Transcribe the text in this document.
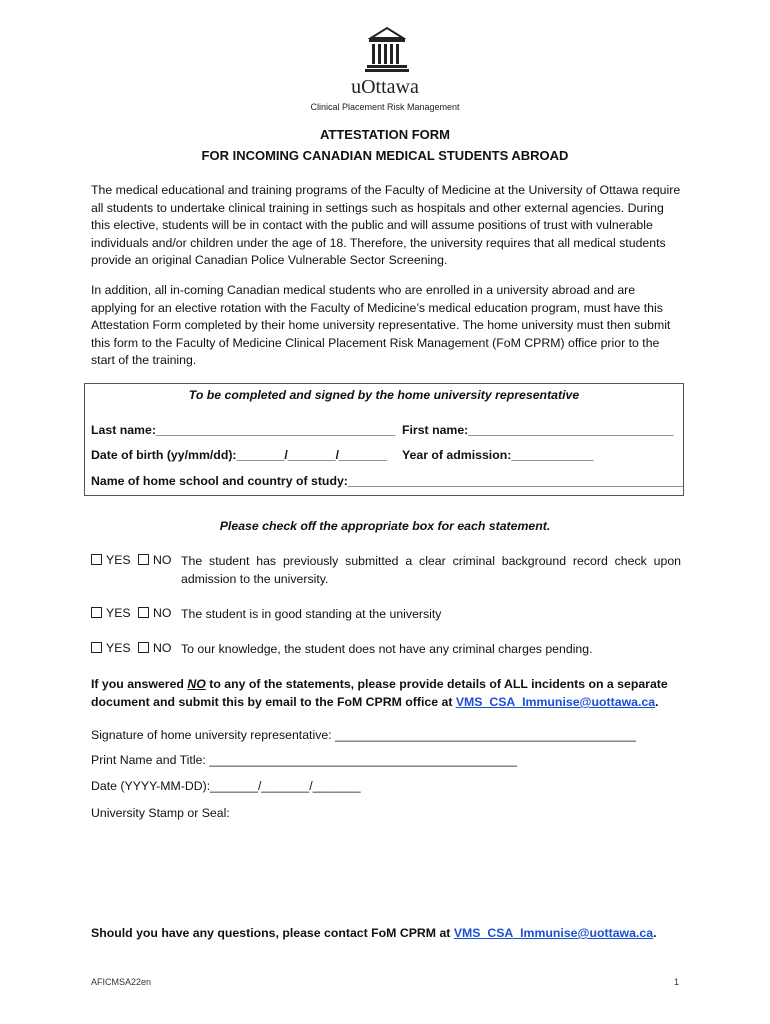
uOttawa
Clinical Placement Risk Management
ATTESTATION FORM
FOR INCOMING CANADIAN MEDICAL STUDENTS ABROAD
The medical educational and training programs of the Faculty of Medicine at the University of Ottawa require all students to undertake clinical training in settings such as hospitals and other external agencies. During this elective, students will be in contact with the public and will assume positions of trust with vulnerable individuals and/or children under the age of 18. Therefore, the university requires that all medical students provide an original Canadian Police Vulnerable Sector Screening.
In addition, all in-coming Canadian medical students who are enrolled in a university abroad and are applying for an elective rotation with the Faculty of Medicine’s medical education program, must have this Attestation Form completed by their home university representative. The home university must then submit this form to the Faculty of Medicine Clinical Placement Risk Management (FoM CPRM) office prior to the start of the training.
To be completed and signed by the home university representative
Last name:___________________________________ First name:______________________________
Date of birth (yy/mm/dd):_______/_______/_______ Year of admission:____________
Name of home school and country of study:_________________________________________________
Please check off the appropriate box for each statement.
YES NO The student has previously submitted a clear criminal background record check upon admission to the university.
YES NO The student is in good standing at the university
YES NO To our knowledge, the student does not have any criminal charges pending.
If you answered NO to any of the statements, please provide details of ALL incidents on a separate document and submit this by email to the FoM CPRM office at VMS_CSA_Immunise@uottawa.ca.
Signature of home university representative: ____________________________________________
Print Name and Title: _____________________________________________
Date (YYYY-MM-DD):_______/_______/_______
University Stamp or Seal:
Should you have any questions, please contact FoM CPRM at VMS_CSA_Immunise@uottawa.ca.
AFICMSA22en	1
